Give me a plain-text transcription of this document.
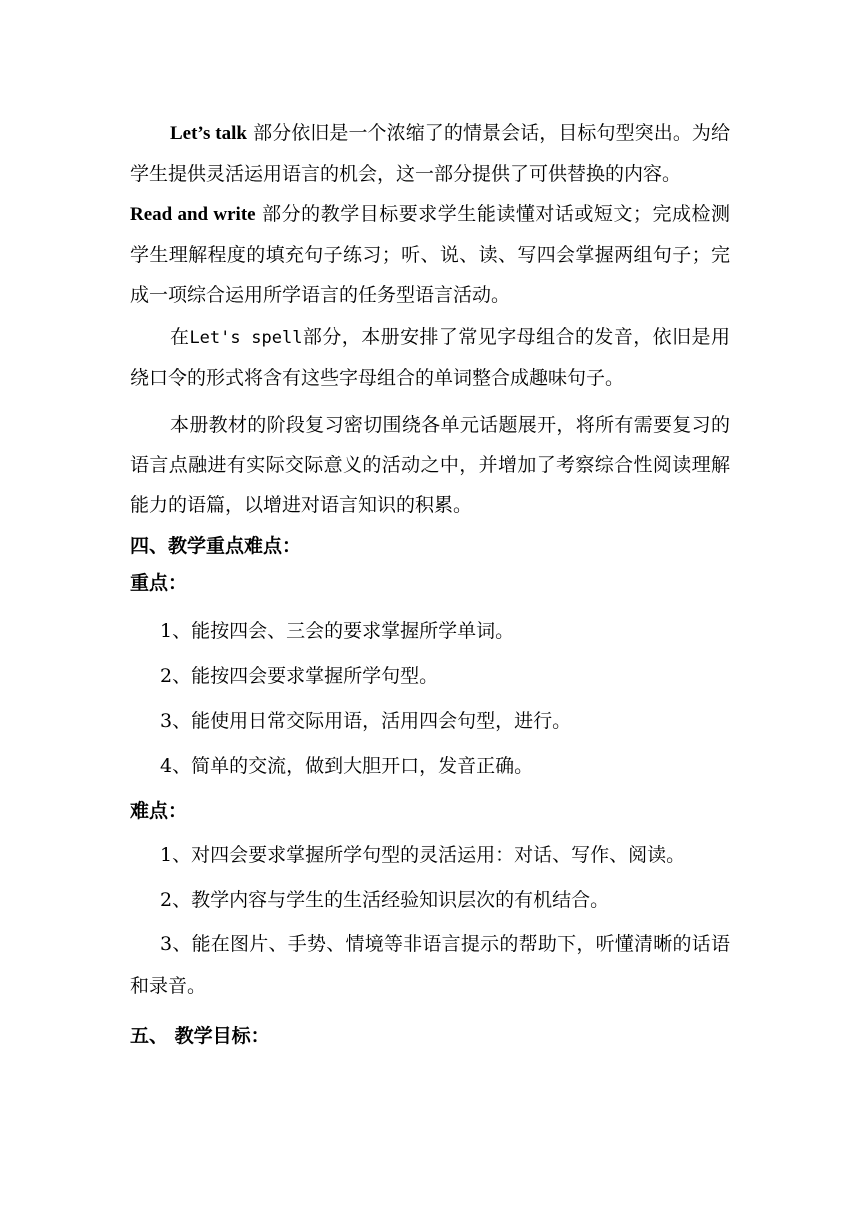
Let’s talk 部分依旧是一个浓缩了的情景会话，目标句型突出。为给学生提供灵活运用语言的机会，这一部分提供了可供替换的内容。

Read and write 部分的教学目标要求学生能读懂对话或短文；完成检测学生理解程度的填充句子练习；听、说、读、写四会掌握两组句子；完成一项综合运用所学语言的任务型语言活动。

在Let's spell部分，本册安排了常见字母组合的发音，依旧是用绕口令的形式将含有这些字母组合的单词整合成趣味句子。

本册教材的阶段复习密切围绕各单元话题展开，将所有需要复习的语言点融进有实际交际意义的活动之中，并增加了考察综合性阅读理解能力的语篇，以增进对语言知识的积累。

四、教学重点难点：

重点：

1、能按四会、三会的要求掌握所学单词。

2、能按四会要求掌握所学句型。

3、能使用日常交际用语，活用四会句型，进行。

4、简单的交流，做到大胆开口，发音正确。

难点：

1、对四会要求掌握所学句型的灵活运用：对话、写作、阅读。

2、教学内容与学生的生活经验知识层次的有机结合。

3、能在图片、手势、情境等非语言提示的帮助下，听懂清晰的话语和录音。

五、 教学目标：
